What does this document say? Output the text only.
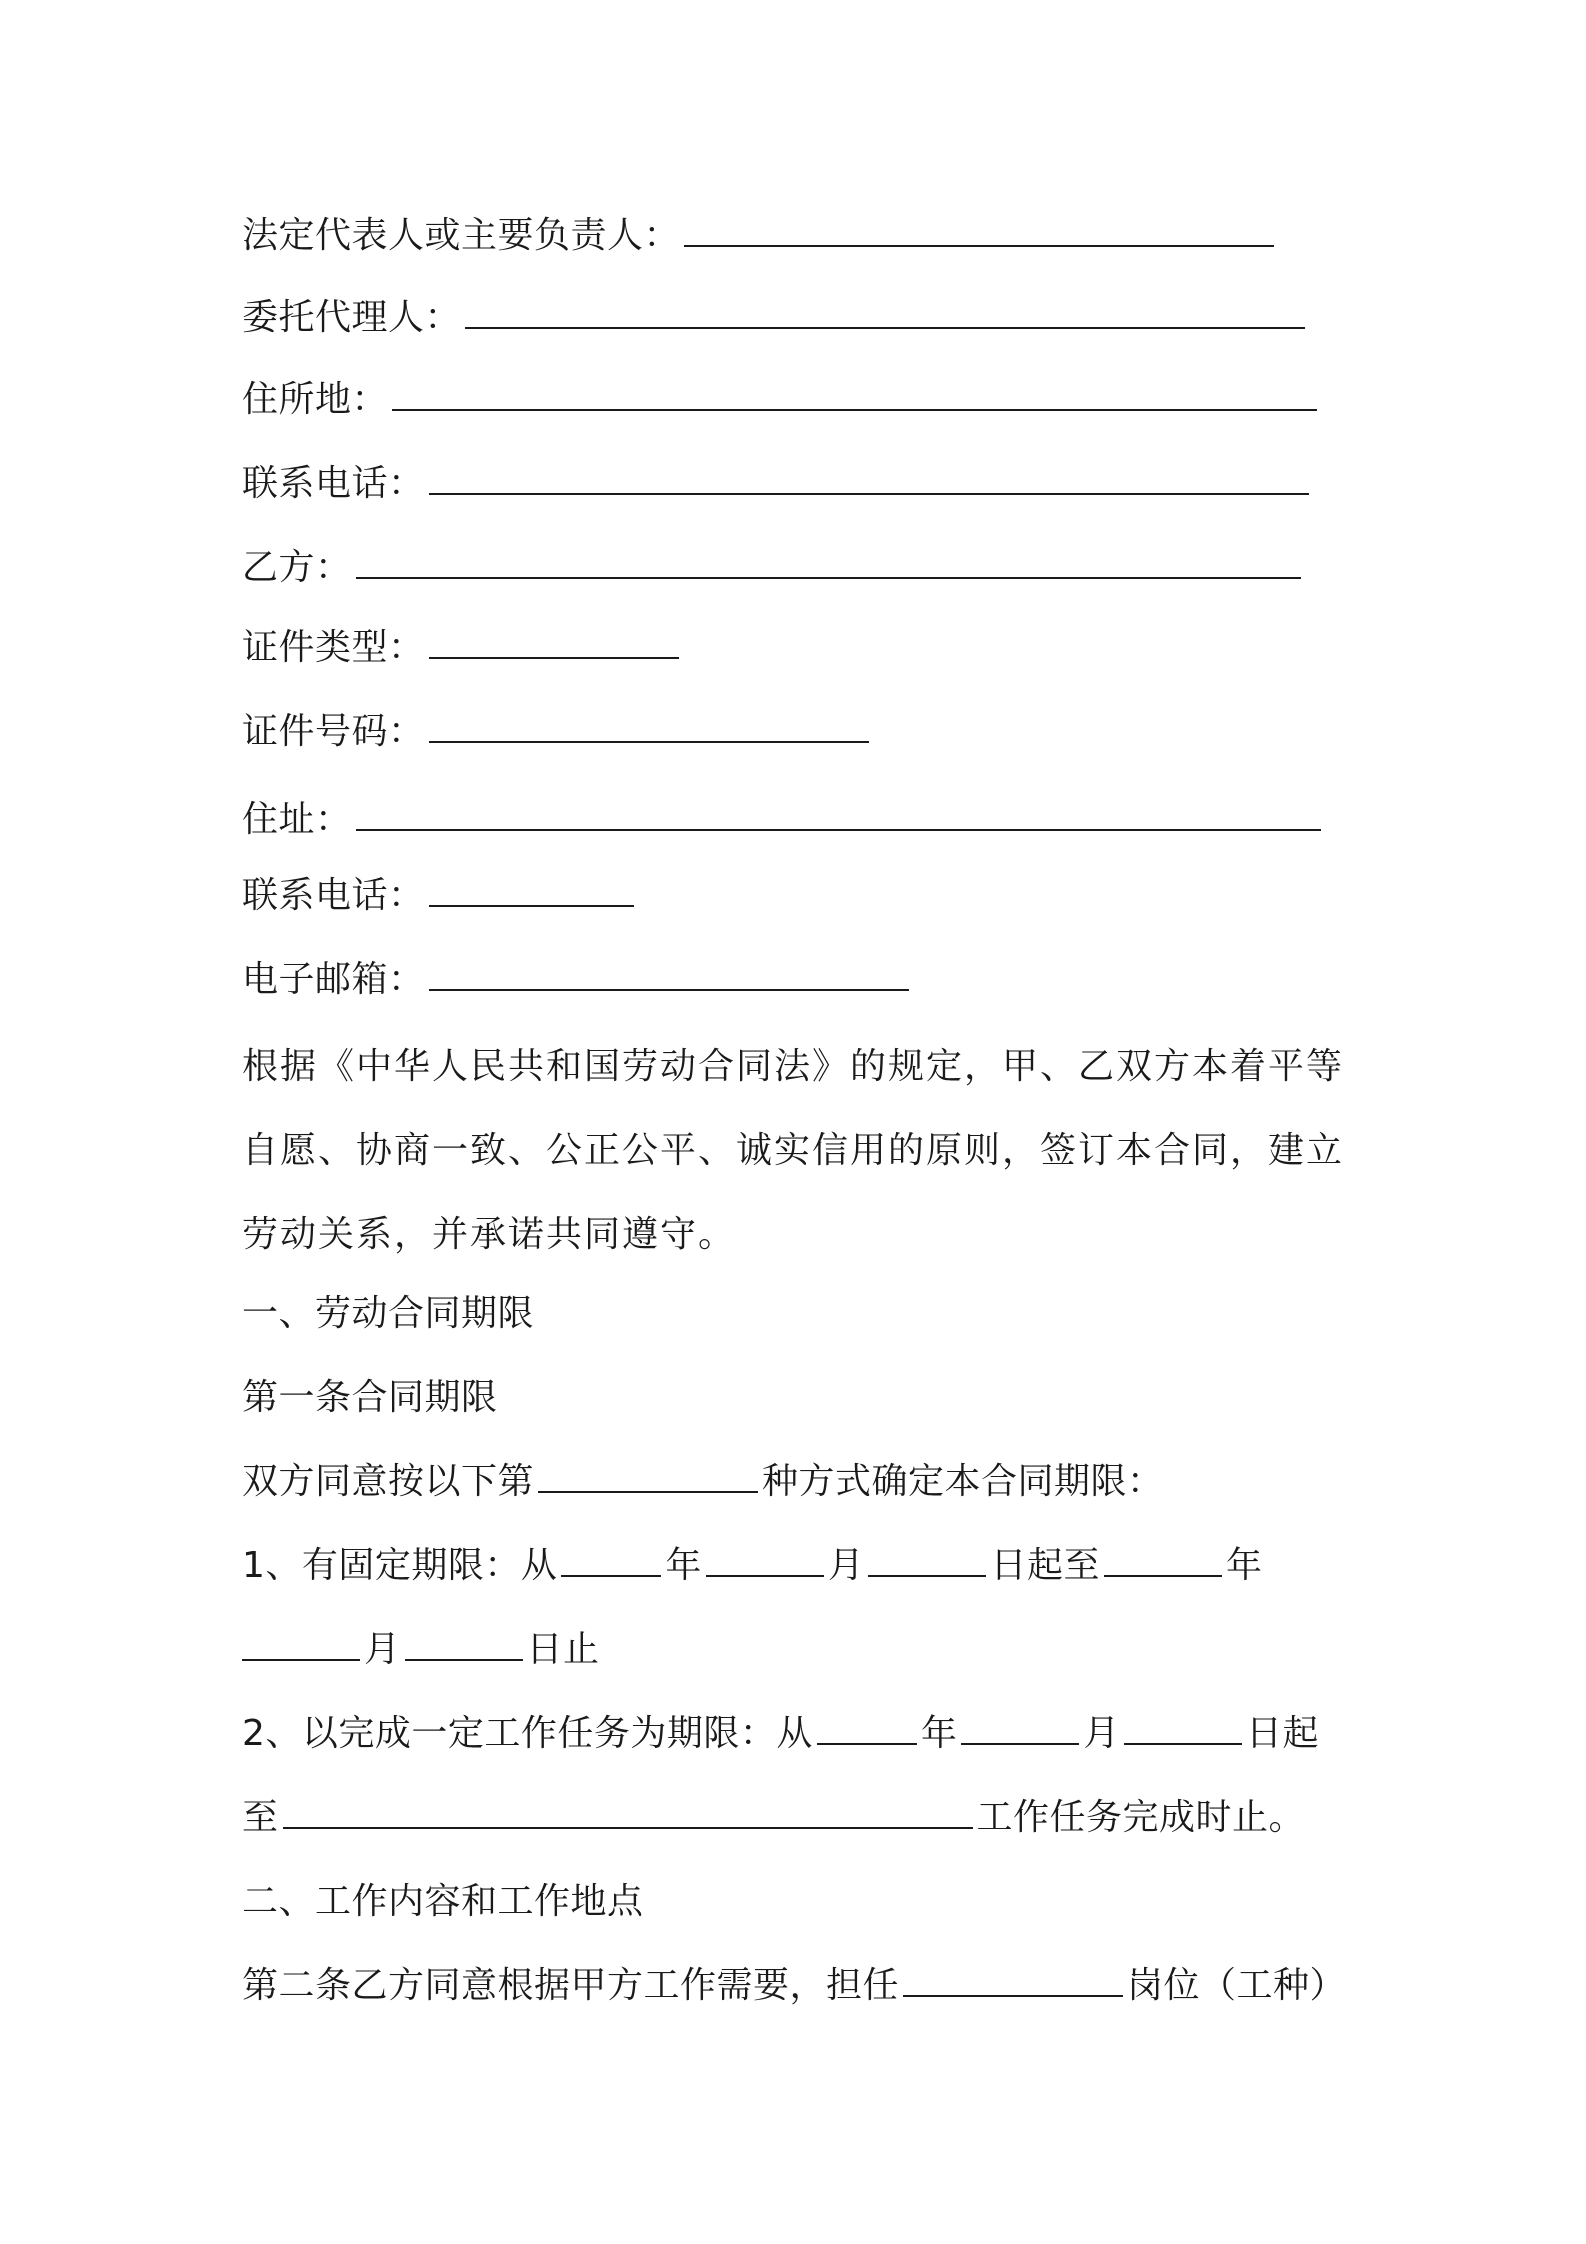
法定代表人或主要负责人：
委托代理人：
住所地：
联系电话：
乙方：
证件类型：
证件号码：
住址：
联系电话：
电子邮箱：
根据《中华人民共和国劳动合同法》的规定，甲、乙双方本着平等自愿、协商一致、公正公平、诚实信用的原则，签订本合同，建立劳动关系，并承诺共同遵守。
一、劳动合同期限
第一条合同期限
双方同意按以下第	种方式确定本合同期限：
1、有固定期限：从	年	月	日起至	年
月	日止
2、以完成一定工作任务为期限：从	年	月	日起
至	工作任务完成时止。
二、工作内容和工作地点
第二条乙方同意根据甲方工作需要，担任	岗位（工种）
